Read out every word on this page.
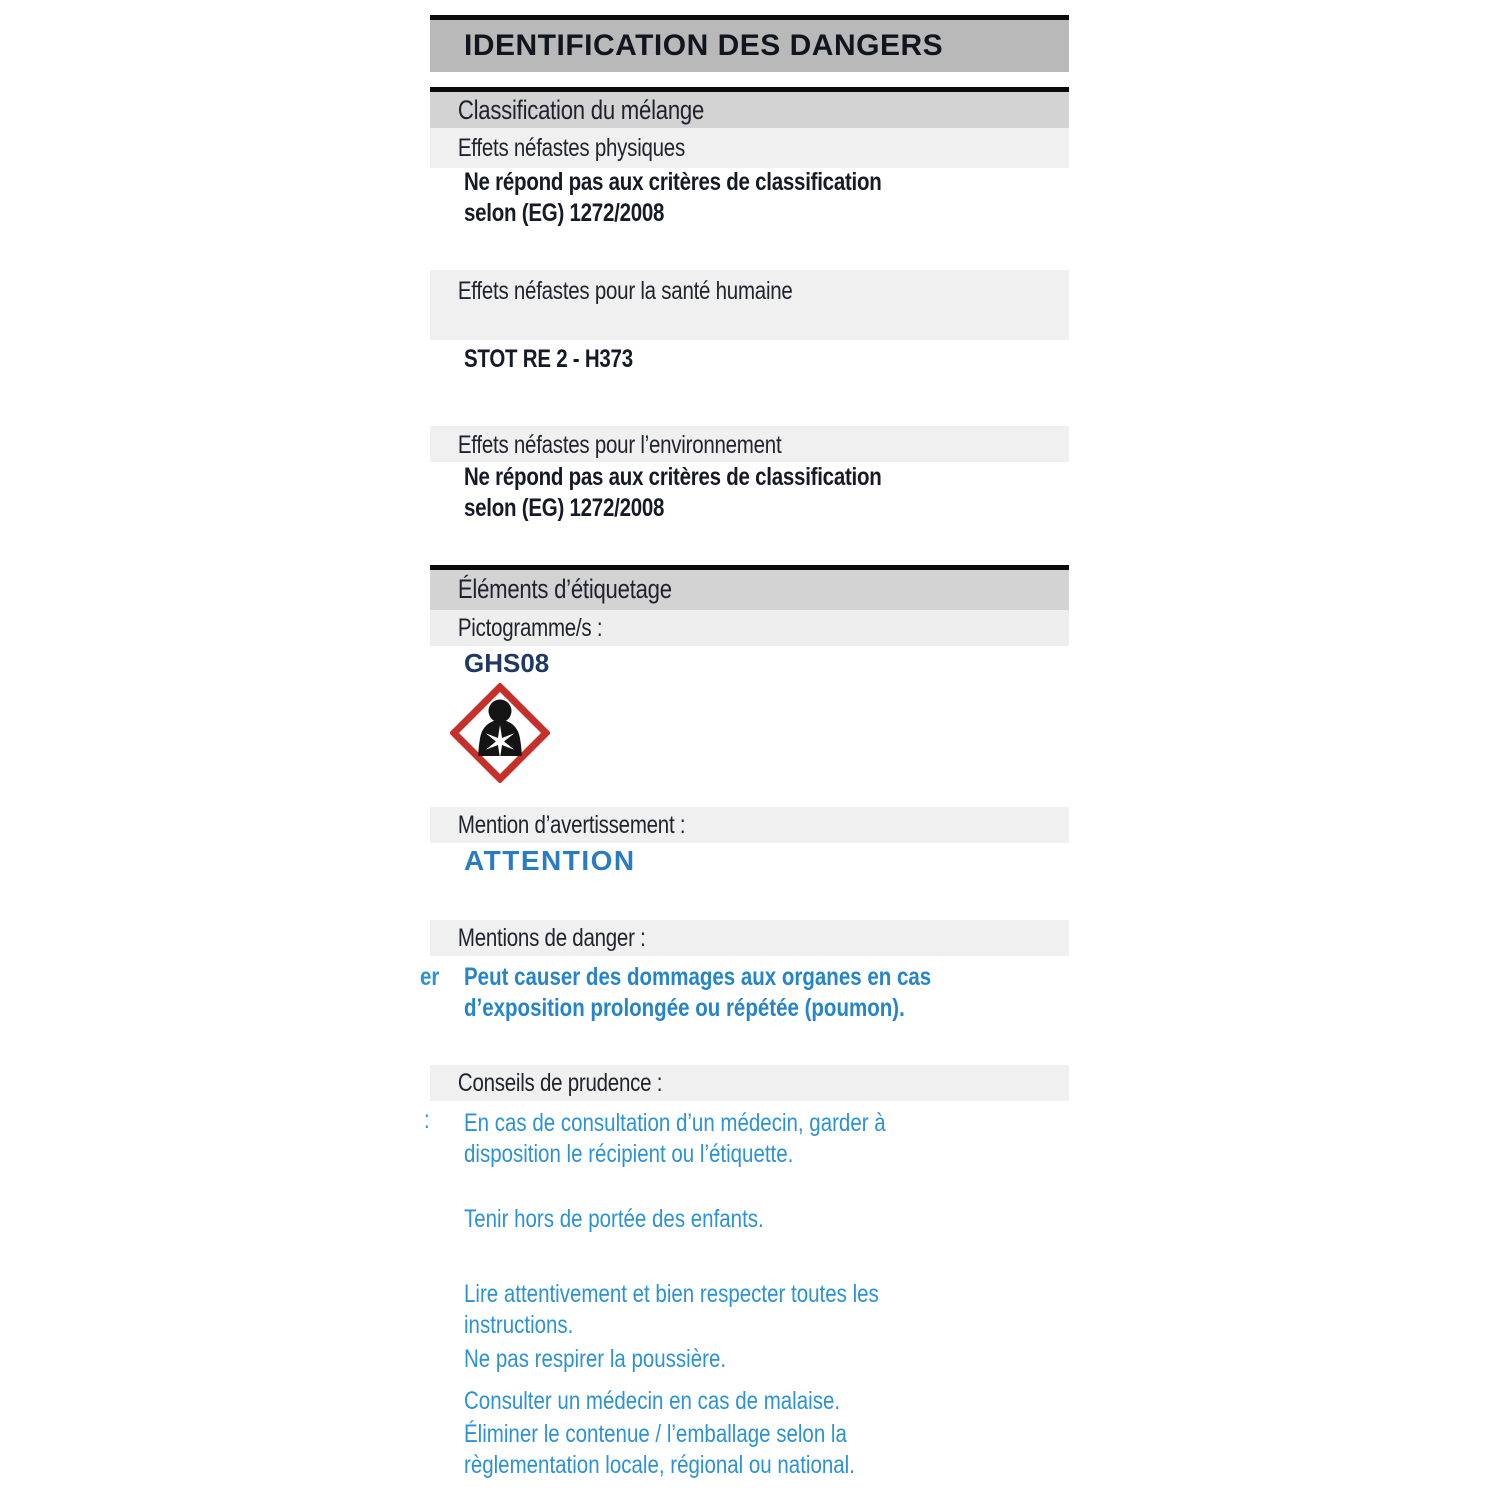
IDENTIFICATION DES DANGERS
Classification du mélange
Effets néfastes physiques
Ne répond pas aux critères de classification
selon (EG) 1272/2008
Effets néfastes pour la santé humaine
STOT RE 2 - H373
Effets néfastes pour l’environnement
Ne répond pas aux critères de classification
selon (EG) 1272/2008
Éléments d’étiquetage
Pictogramme/s :
GHS08
Mention d’avertissement :
ATTENTION
Mentions de danger :
Peut causer des dommages aux organes en cas
d’exposition prolongée ou répétée (poumon).
Conseils de prudence :
En cas de consultation d’un médecin, garder à
disposition le récipient ou l’étiquette.
Tenir hors de portée des enfants.
Lire attentivement et bien respecter toutes les
instructions.
Ne pas respirer la poussière.
Consulter un médecin en cas de malaise.
Éliminer le contenue / l’emballage selon la
règlementation locale, régional ou national.
er
:
